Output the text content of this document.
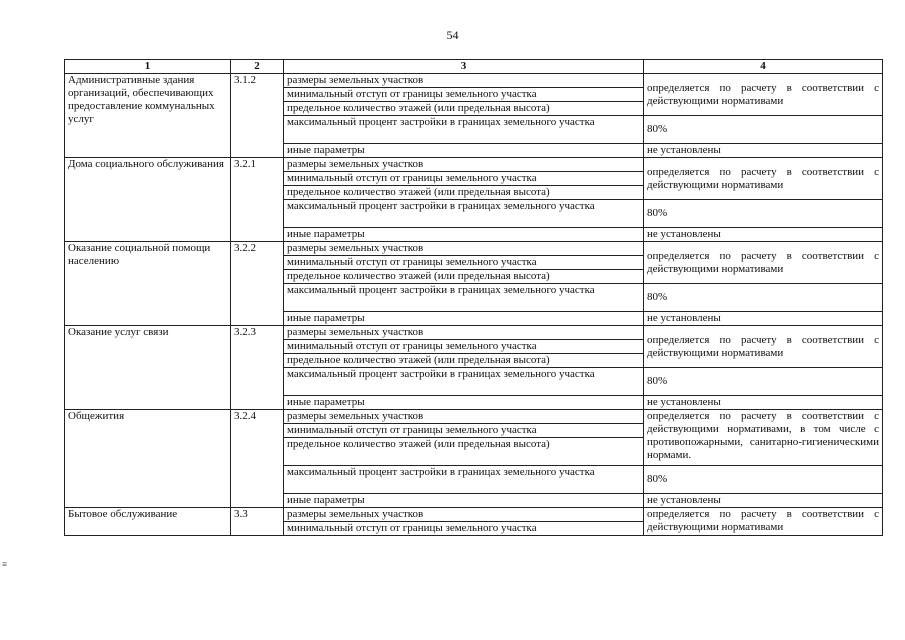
54
≡
1	2	3	4
Административные здания организаций, обеспечивающих предоставление коммунальных услуг	3.1.2	размеры земельных участков	определяется по расчету в соответствии с действующими нормативами
		минимальный отступ от границы земельного участка	
		предельное количество этажей (или предельная высота)	
		максимальный процент застройки в границах земельного участка	80%
		иные параметры	не установлены
Дома социального обслуживания	3.2.1	размеры земельных участков	определяется по расчету в соответствии с действующими нормативами
		минимальный отступ от границы земельного участка	
		предельное количество этажей (или предельная высота)	
		максимальный процент застройки в границах земельного участка	80%
		иные параметры	не установлены
Оказание социальной помощи населению	3.2.2	размеры земельных участков	определяется по расчету в соответствии с действующими нормативами
		минимальный отступ от границы земельного участка	
		предельное количество этажей (или предельная высота)	
		максимальный процент застройки в границах земельного участка	80%
		иные параметры	не установлены
Оказание услуг связи	3.2.3	размеры земельных участков	определяется по расчету в соответствии с действующими нормативами
		минимальный отступ от границы земельного участка	
		предельное количество этажей (или предельная высота)	
		максимальный процент застройки в границах земельного участка	80%
		иные параметры	не установлены
Общежития	3.2.4	размеры земельных участков	определяется по расчету в соответствии с действующими нормативами, в том числе с противопожарными, санитарно-гигиеническими нормами.
		минимальный отступ от границы земельного участка	
		предельное количество этажей (или предельная высота)	
		максимальный процент застройки в границах земельного участка	80%
		иные параметры	не установлены
Бытовое обслуживание	3.3	размеры земельных участков	определяется по расчету в соответствии с действующими нормативами
		минимальный отступ от границы земельного участка	
